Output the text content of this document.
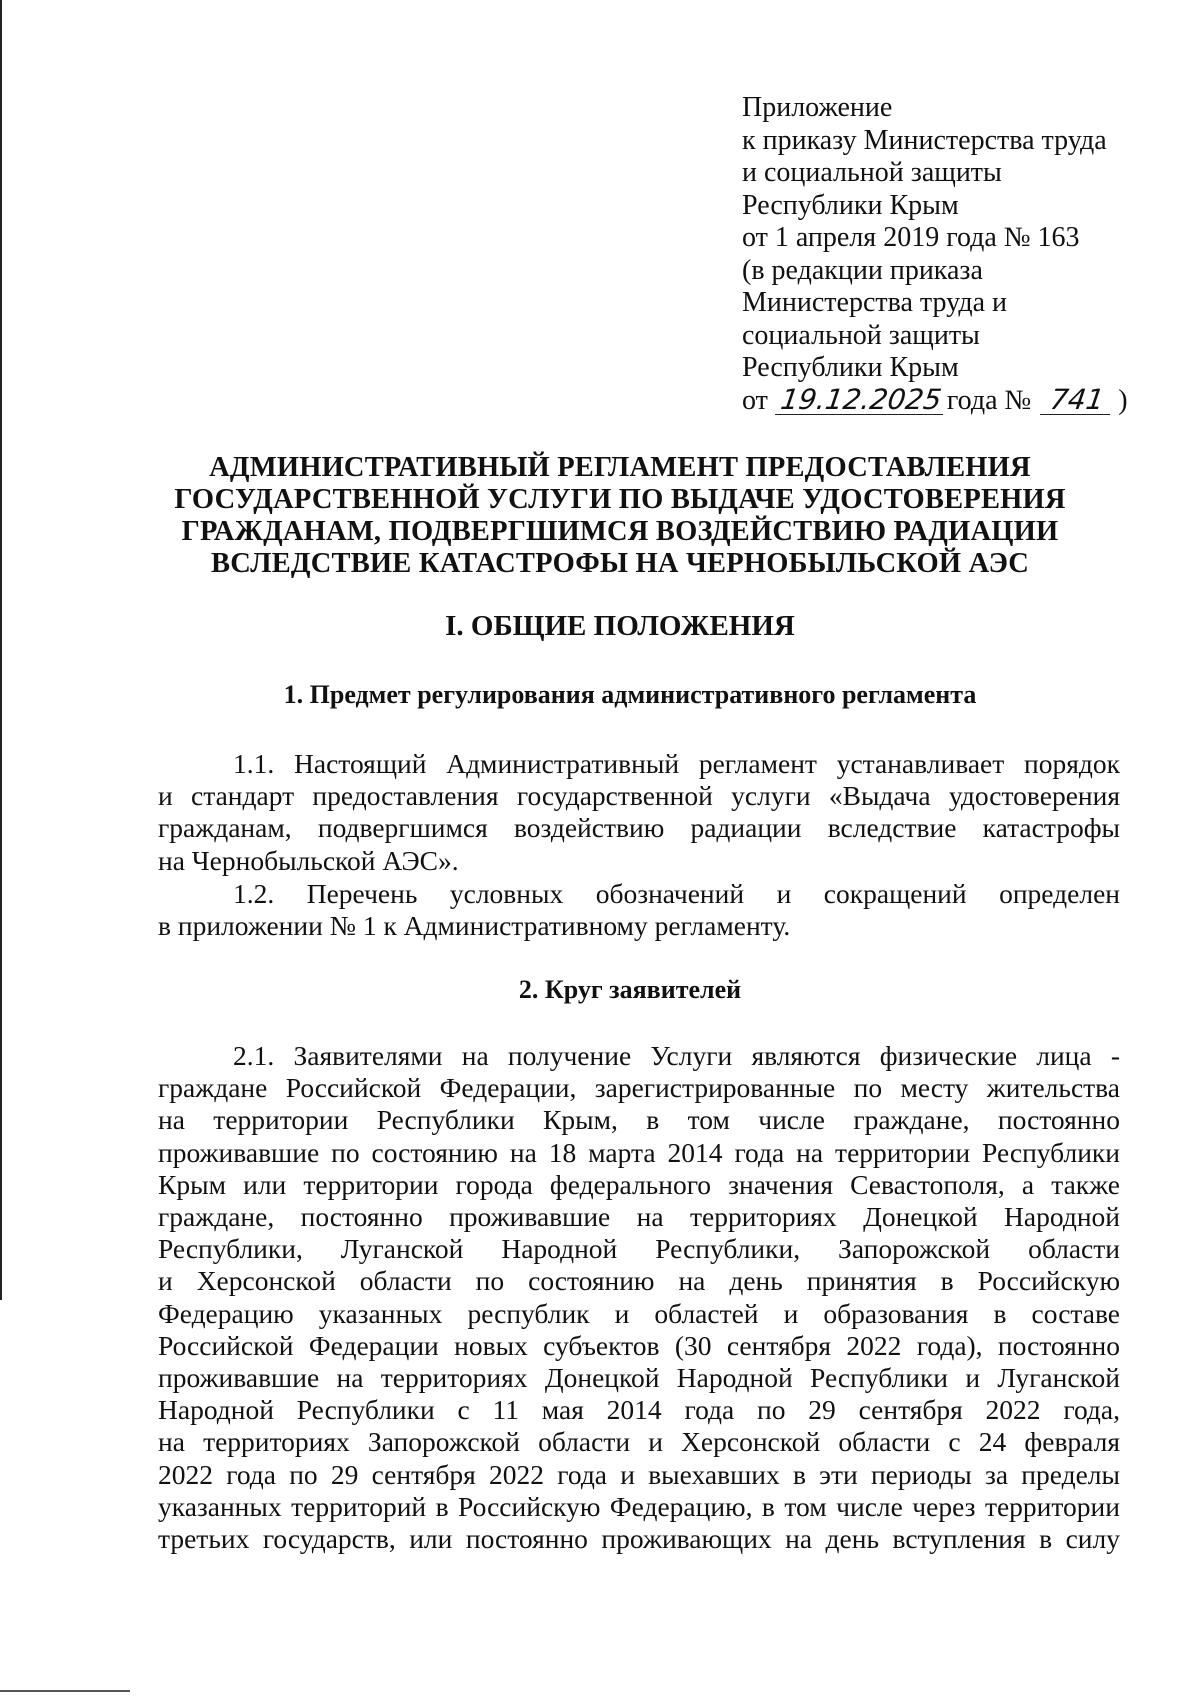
Приложение
к приказу Министерства труда
и социальной защиты
Республики Крым
от 1 апреля 2019 года № 163
(в редакции приказа
Министерства труда и
социальной защиты
Республики Крым
от 19.12.2025 года № 741 )
АДМИНИСТРАТИВНЫЙ РЕГЛАМЕНТ ПРЕДОСТАВЛЕНИЯ
ГОСУДАРСТВЕННОЙ УСЛУГИ ПО ВЫДАЧЕ УДОСТОВЕРЕНИЯ
ГРАЖДАНАМ, ПОДВЕРГШИМСЯ ВОЗДЕЙСТВИЮ РАДИАЦИИ
ВСЛЕДСТВИЕ КАТАСТРОФЫ НА ЧЕРНОБЫЛЬСКОЙ АЭС
I. ОБЩИЕ ПОЛОЖЕНИЯ
1. Предмет регулирования административного регламента
1.1. Настоящий Административный регламент устанавливает порядок
и стандарт предоставления государственной услуги «Выдача удостоверения
гражданам, подвергшимся воздействию радиации вследствие катастрофы
на Чернобыльской АЭС».
1.2. Перечень условных обозначений и сокращений определен
в приложении № 1 к Административному регламенту.
2. Круг заявителей
2.1. Заявителями на получение Услуги являются физические лица -
граждане Российской Федерации, зарегистрированные по месту жительства
на территории Республики Крым, в том числе граждане, постоянно
проживавшие по состоянию на 18 марта 2014 года на территории Республики
Крым или территории города федерального значения Севастополя, а также
граждане, постоянно проживавшие на территориях Донецкой Народной
Республики, Луганской Народной Республики, Запорожской области
и Херсонской области по состоянию на день принятия в Российскую
Федерацию указанных республик и областей и образования в составе
Российской Федерации новых субъектов (30 сентября 2022 года), постоянно
проживавшие на территориях Донецкой Народной Республики и Луганской
Народной Республики с 11 мая 2014 года по 29 сентября 2022 года,
на территориях Запорожской области и Херсонской области с 24 февраля
2022 года по 29 сентября 2022 года и выехавших в эти периоды за пределы
указанных территорий в Российскую Федерацию, в том числе через территории
третьих государств, или постоянно проживающих на день вступления в силу
